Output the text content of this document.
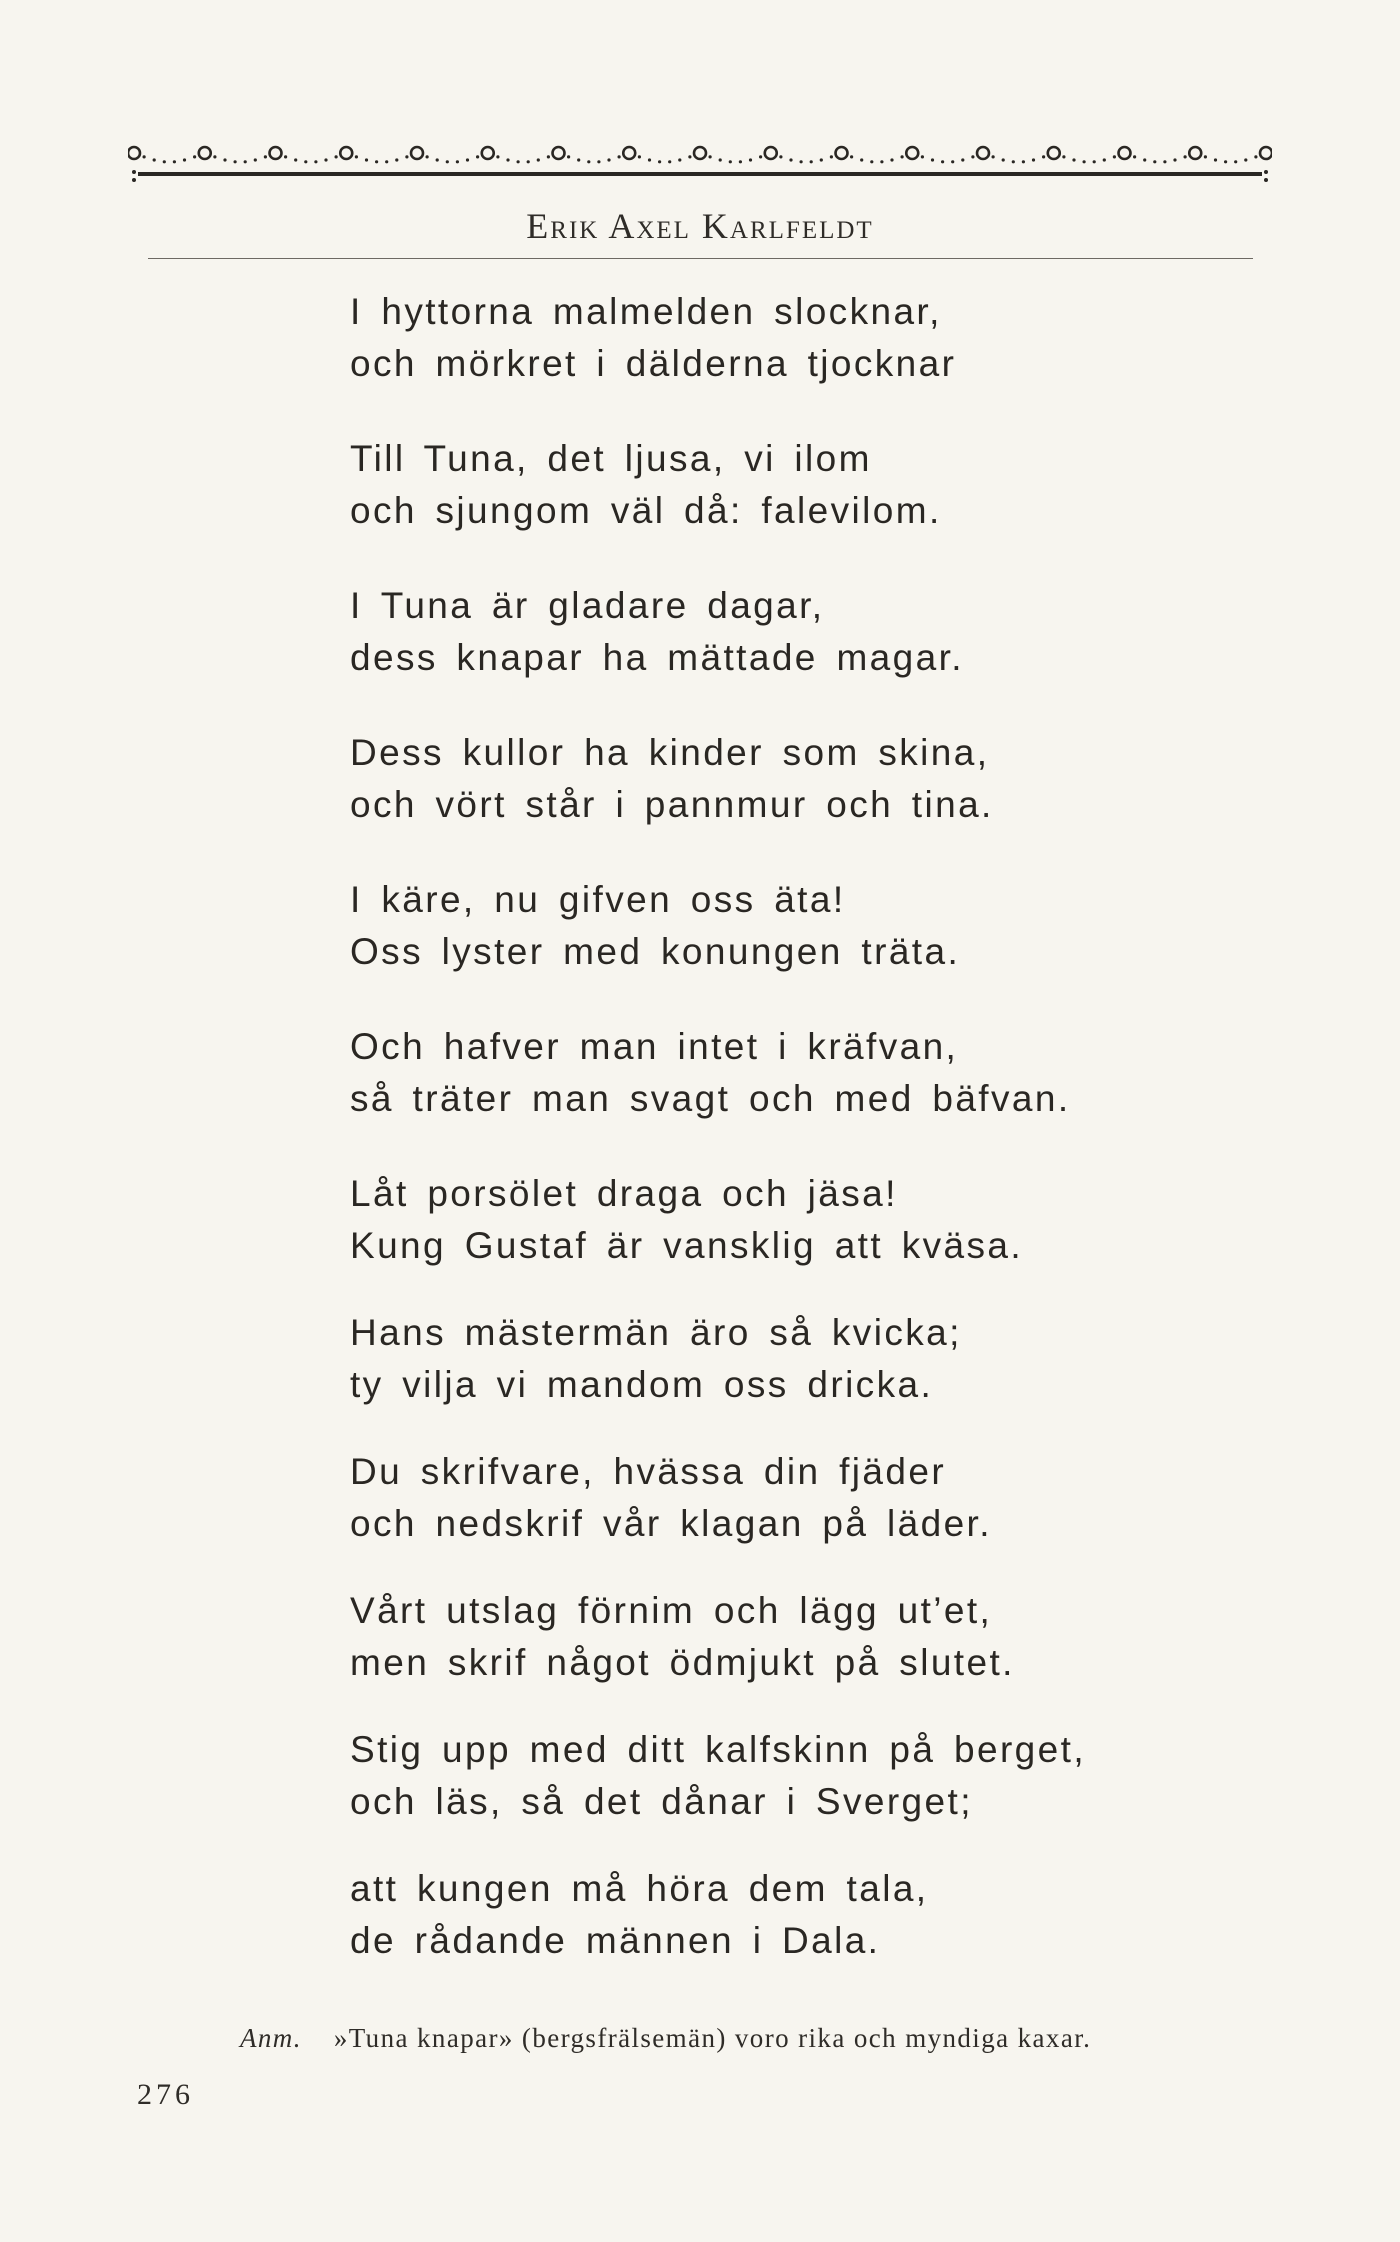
Erik Axel Karlfeldt
I hyttorna malmelden slocknar,
och mörkret i dälderna tjocknar
Till Tuna, det ljusa, vi ilom
och sjungom väl då: falevilom.
I Tuna är gladare dagar,
dess knapar ha mättade magar.
Dess kullor ha kinder som skina,
och vört står i pannmur och tina.
I käre, nu gifven oss äta!
Oss lyster med konungen träta.
Och hafver man intet i kräfvan,
så träter man svagt och med bäfvan.
Låt porsölet draga och jäsa!
Kung Gustaf är vansklig att kväsa.
Hans mästermän äro så kvicka;
ty vilja vi mandom oss dricka.
Du skrifvare, hvässa din fjäder
och nedskrif vår klagan på läder.
Vårt utslag förnim och lägg ut’et,
men skrif något ödmjukt på slutet.
Stig upp med ditt kalfskinn på berget,
och läs, så det dånar i Sverget;
att kungen må höra dem tala,
de rådande männen i Dala.
Anm. »Tuna knapar» (bergsfrälsemän) voro rika och myndiga kaxar.
276
